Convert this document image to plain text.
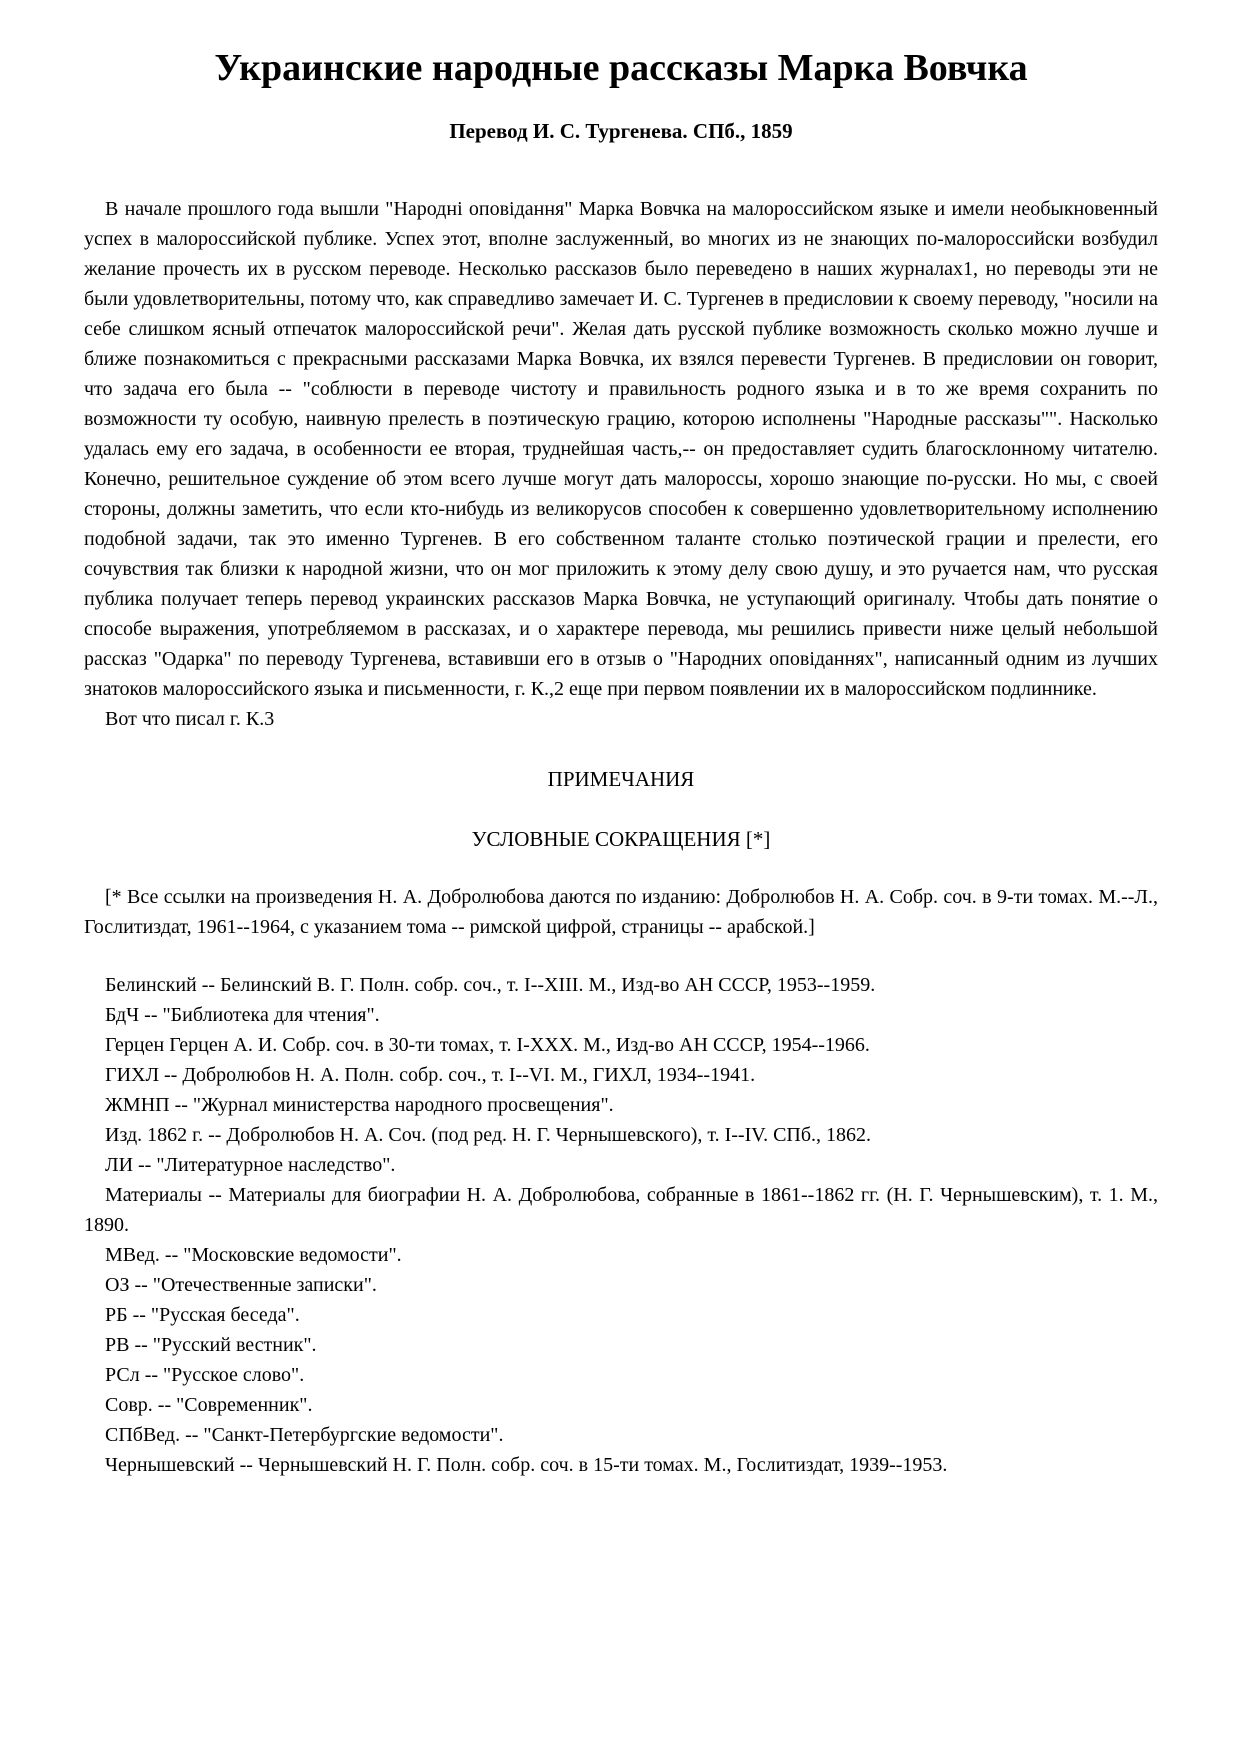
Украинские народные рассказы Марка Вовчка
Перевод И. С. Тургенева. СПб., 1859

В начале прошлого года вышли "Народні оповідання" Марка Вовчка на малороссийском языке и имели необыкновенный успех в малороссийской публике. Успех этот, вполне заслуженный, во многих из не знающих по-малороссийски возбудил желание прочесть их в русском переводе. Несколько рассказов было переведено в наших журналах1, но переводы эти не были удовлетворительны, потому что, как справедливо замечает И. С. Тургенев в предисловии к своему переводу, "носили на себе слишком ясный отпечаток малороссийской речи". Желая дать русской публике возможность сколько можно лучше и ближе познакомиться с прекрасными рассказами Марка Вовчка, их взялся перевести Тургенев. В предисловии он говорит, что задача его была -- "соблюсти в переводе чистоту и правильность родного языка и в то же время сохранить по возможности ту особую, наивную прелесть в поэтическую грацию, которою исполнены "Народные рассказы"". Насколько удалась ему его задача, в особенности ее вторая, труднейшая часть,-- он предоставляет судить благосклонному читателю. Конечно, решительное суждение об этом всего лучше могут дать малороссы, хорошо знающие по-русски. Но мы, с своей стороны, должны заметить, что если кто-нибудь из великорусов способен к совершенно удовлетворительному исполнению подобной задачи, так это именно Тургенев. В его собственном таланте столько поэтической грации и прелести, его сочувствия так близки к народной жизни, что он мог приложить к этому делу свою душу, и это ручается нам, что русская публика получает теперь перевод украинских рассказов Марка Вовчка, не уступающий оригиналу. Чтобы дать понятие о способе выражения, употребляемом в рассказах, и о характере перевода, мы решились привести ниже целый небольшой рассказ "Одарка" по переводу Тургенева, вставивши его в отзыв о "Народних оповіданнях", написанный одним из лучших знатоков малороссийского языка и письменности, г. К.,2 еще при первом появлении их в малороссийском подлиннике.

Вот что писал г. К.3

ПРИМЕЧАНИЯ
УСЛОВНЫЕ СОКРАЩЕНИЯ [*]

[* Все ссылки на произведения Н. А. Добролюбова даются по изданию: Добролюбов Н. А. Собр. соч. в 9-ти томах. М.--Л., Гослитиздат, 1961--1964, с указанием тома -- римской цифрой, страницы -- арабской.]

Белинский -- Белинский В. Г. Полн. собр. соч., т. I--XIII. М., Изд-во АН СССР, 1953--1959.

БдЧ -- "Библиотека для чтения".

Герцен Герцен А. И. Собр. соч. в 30-ти томах, т. I-XXX. М., Изд-во АН СССР, 1954--1966.

ГИХЛ -- Добролюбов Н. А. Полн. собр. соч., т. I--VI. М., ГИХЛ, 1934--1941.

ЖМНП -- "Журнал министерства народного просвещения".

Изд. 1862 г. -- Добролюбов Н. А. Соч. (под ред. Н. Г. Чернышевского), т. I--IV. СПб., 1862.

ЛИ -- "Литературное наследство".

Материалы -- Материалы для биографии Н. А. Добролюбова, собранные в 1861--1862 гг. (Н. Г. Чернышевским), т. 1. М., 1890.

МВед. -- "Московские ведомости".

ОЗ -- "Отечественные записки".

РБ -- "Русская беседа".

РВ -- "Русский вестник".

РСл -- "Русское слово".

Совр. -- "Современник".

СПбВед. -- "Санкт-Петербургские ведомости".

Чернышевский -- Чернышевский Н. Г. Полн. собр. соч. в 15-ти томах. М., Гослитиздат, 1939--1953.
